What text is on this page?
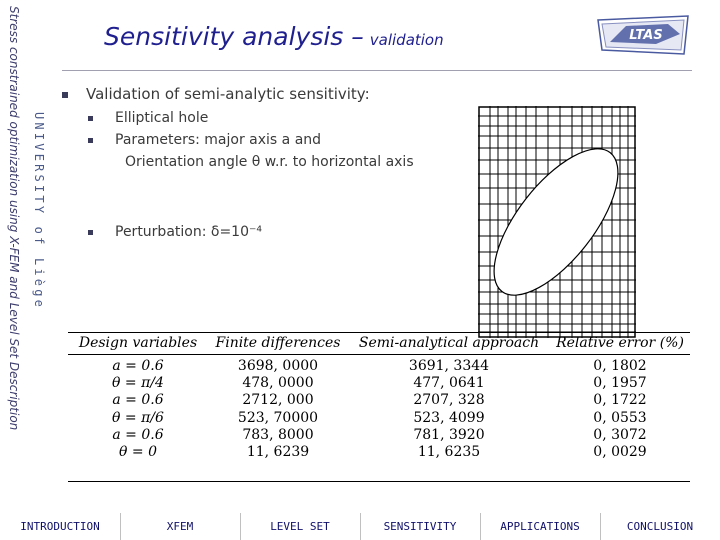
Stress constrained optimization using X-FEM and Level Set Description UNIVERSITY of Liège
Sensitivity analysis – validation	LTAS
Validation of semi-analytic sensitivity:
Elliptical hole
Parameters: major axis a and
Orientation angle θ w.r. to horizontal axis
Perturbation: δ=10⁻⁴
Design variables	Finite differences	Semi-analytical approach	Relative error (%)

a = 0.6	3698, 0000	3691, 3344	0, 1802
θ = π/4	478, 0000	477, 0641	0, 1957
a = 0.6	2712, 000	2707, 328	0, 1722
θ = π/6	523, 70000	523, 4099	0, 0553
a = 0.6	783, 8000	781, 3920	0, 3072
θ = 0	11, 6239	11, 6235	0, 0029
INTRODUCTION	XFEM	LEVEL SET	SENSITIVITY	APPLICATIONS	CONCLUSION
